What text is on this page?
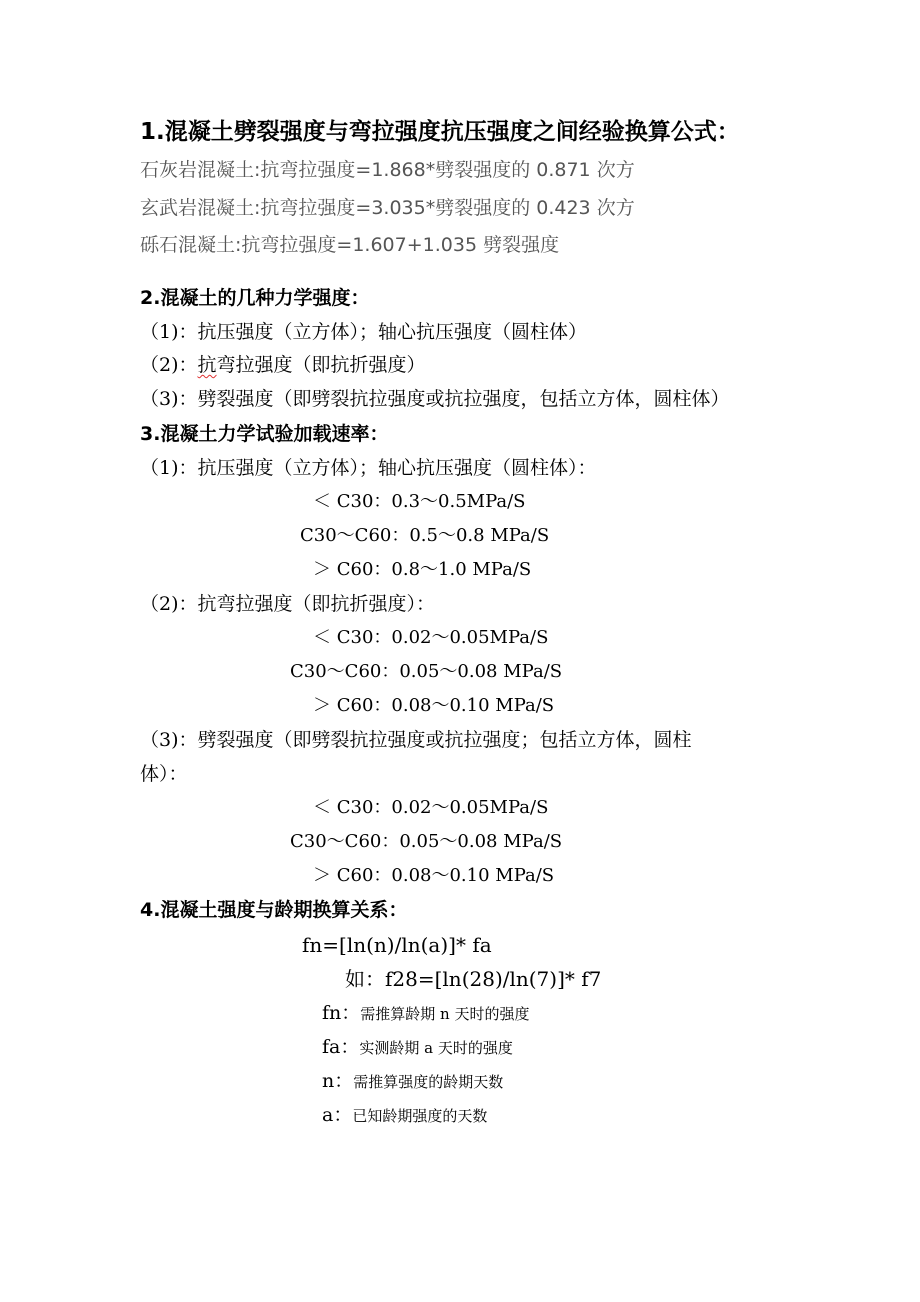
1.混凝土劈裂强度与弯拉强度抗压强度之间经验换算公式：
石灰岩混凝土:抗弯拉强度=1.868*劈裂强度的 0.871 次方
玄武岩混凝土:抗弯拉强度=3.035*劈裂强度的 0.423 次方
砾石混凝土:抗弯拉强度=1.607+1.035 劈裂强度
2.混凝土的几种力学强度：
（1)：抗压强度（立方体）；轴心抗压强度（圆柱体）
（2)：抗弯拉强度（即抗折强度）
（3)：劈裂强度（即劈裂抗拉强度或抗拉强度，包括立方体，圆柱体）
3.混凝土力学试验加载速率：
（1)：抗压强度（立方体）；轴心抗压强度（圆柱体）：
＜ C30：0.3～0.5MPa/S
C30～C60：0.5～0.8 MPa/S
＞ C60：0.8～1.0 MPa/S
（2)：抗弯拉强度（即抗折强度）：
＜ C30：0.02～0.05MPa/S
C30～C60：0.05～0.08 MPa/S
＞ C60：0.08～0.10 MPa/S
（3)：劈裂强度（即劈裂抗拉强度或抗拉强度；包括立方体，圆柱
体）：
＜ C30：0.02～0.05MPa/S
C30～C60：0.05～0.08 MPa/S
＞ C60：0.08～0.10 MPa/S
4.混凝土强度与龄期换算关系：
fn=[ln(n)/ln(a)]* fa
如：f28=[ln(28)/ln(7)]* f7
fn：需推算龄期 n 天时的强度
fa：实测龄期 a 天时的强度
n：需推算强度的龄期天数
a：已知龄期强度的天数
